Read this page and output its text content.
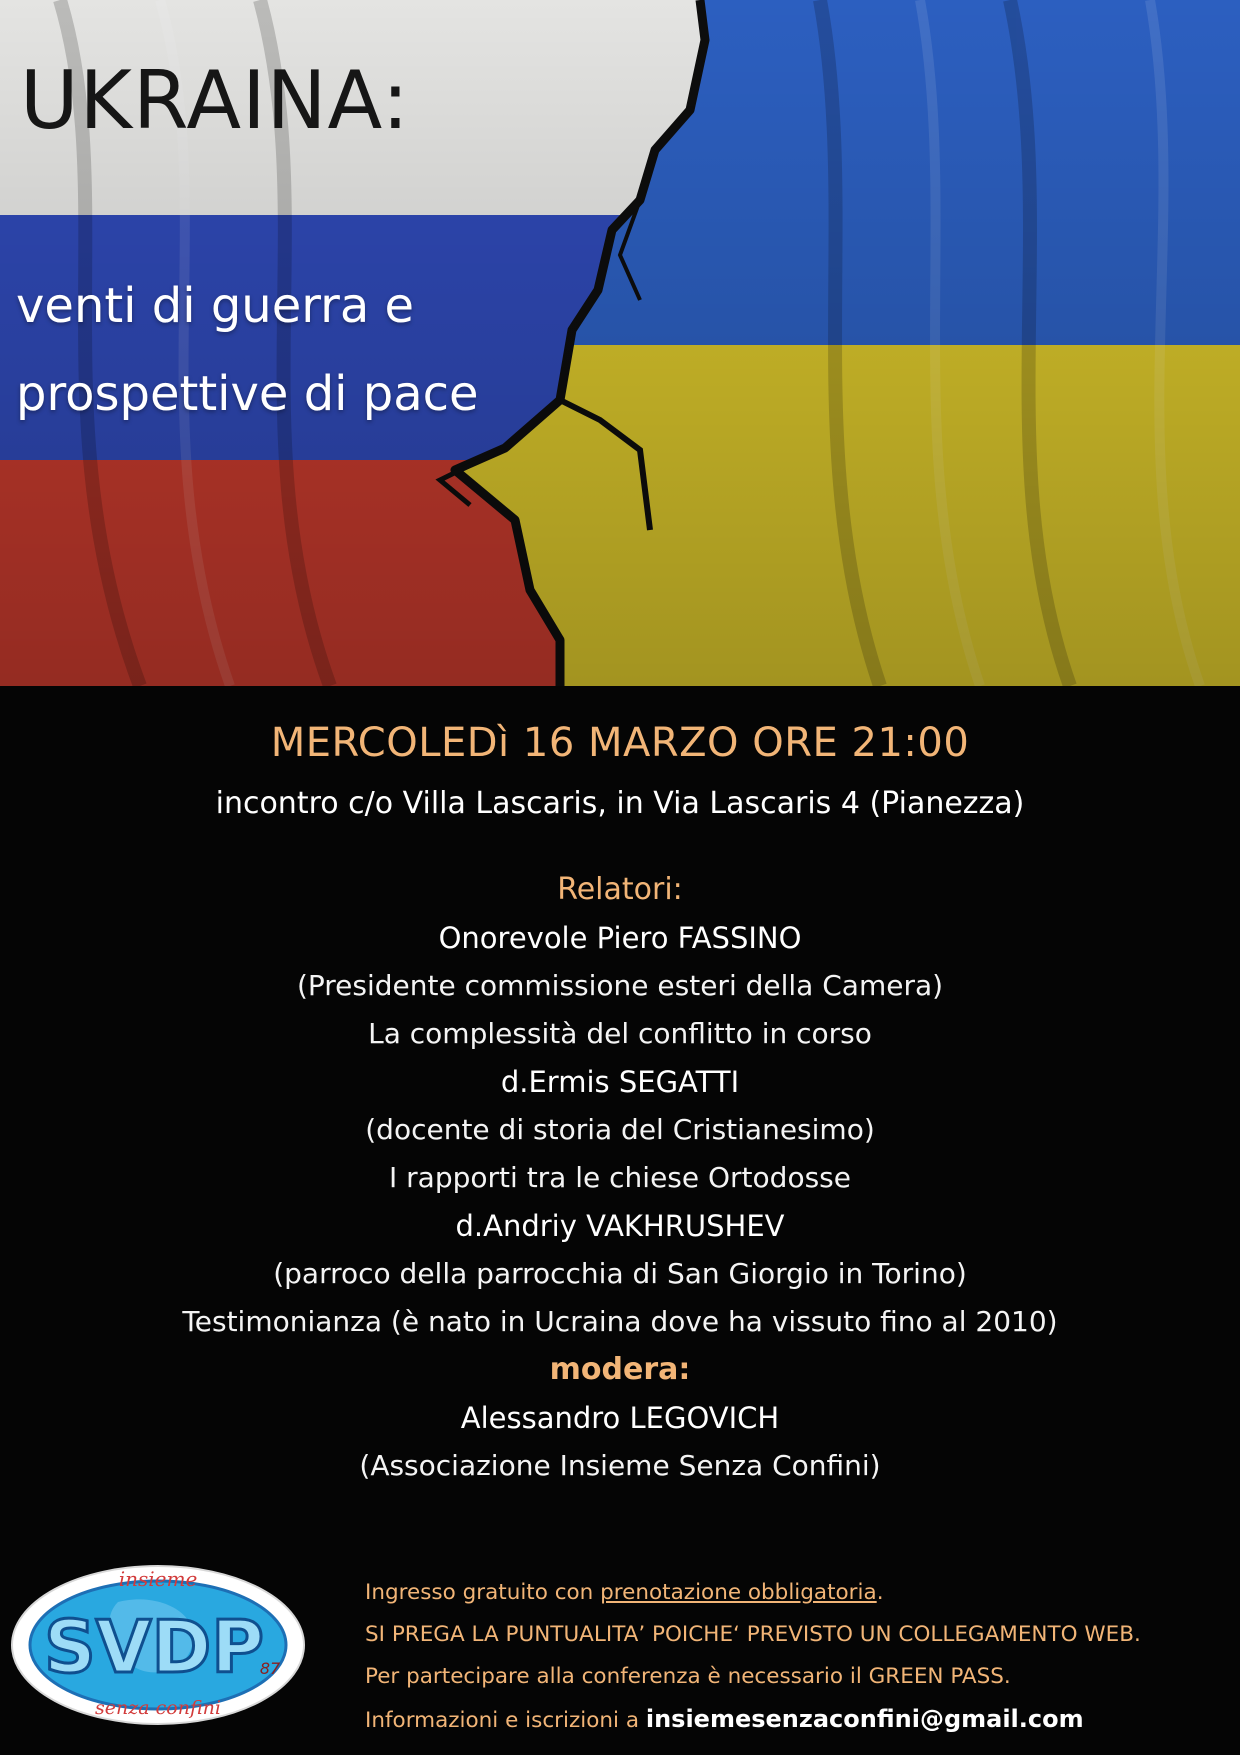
UKRAINA:
venti di guerra e
prospettive di pace
MERCOLEDì 16 MARZO ORE 21:00
incontro c/o Villa Lascaris, in Via Lascaris 4 (Pianezza)
Relatori:
Onorevole Piero FASSINO
(Presidente commissione esteri della Camera)
La complessità del conflitto in corso
d.Ermis SEGATTI
(docente di storia del Cristianesimo)
I rapporti tra le chiese Ortodosse
d.Andriy VAKHRUSHEV
(parroco della parrocchia di San Giorgio in Torino)
Testimonianza (è nato in Ucraina dove ha vissuto fino al 2010)
modera:
Alessandro LEGOVICH
(Associazione Insieme Senza Confini)
insieme
SVDP
87
senza confini
Ingresso gratuito con prenotazione obbligatoria.
SI PREGA LA PUNTUALITA’ POICHE‘ PREVISTO UN COLLEGAMENTO WEB.
Per partecipare alla conferenza è necessario il GREEN PASS.
Informazioni e iscrizioni a insiemesenzaconfini@gmail.com
